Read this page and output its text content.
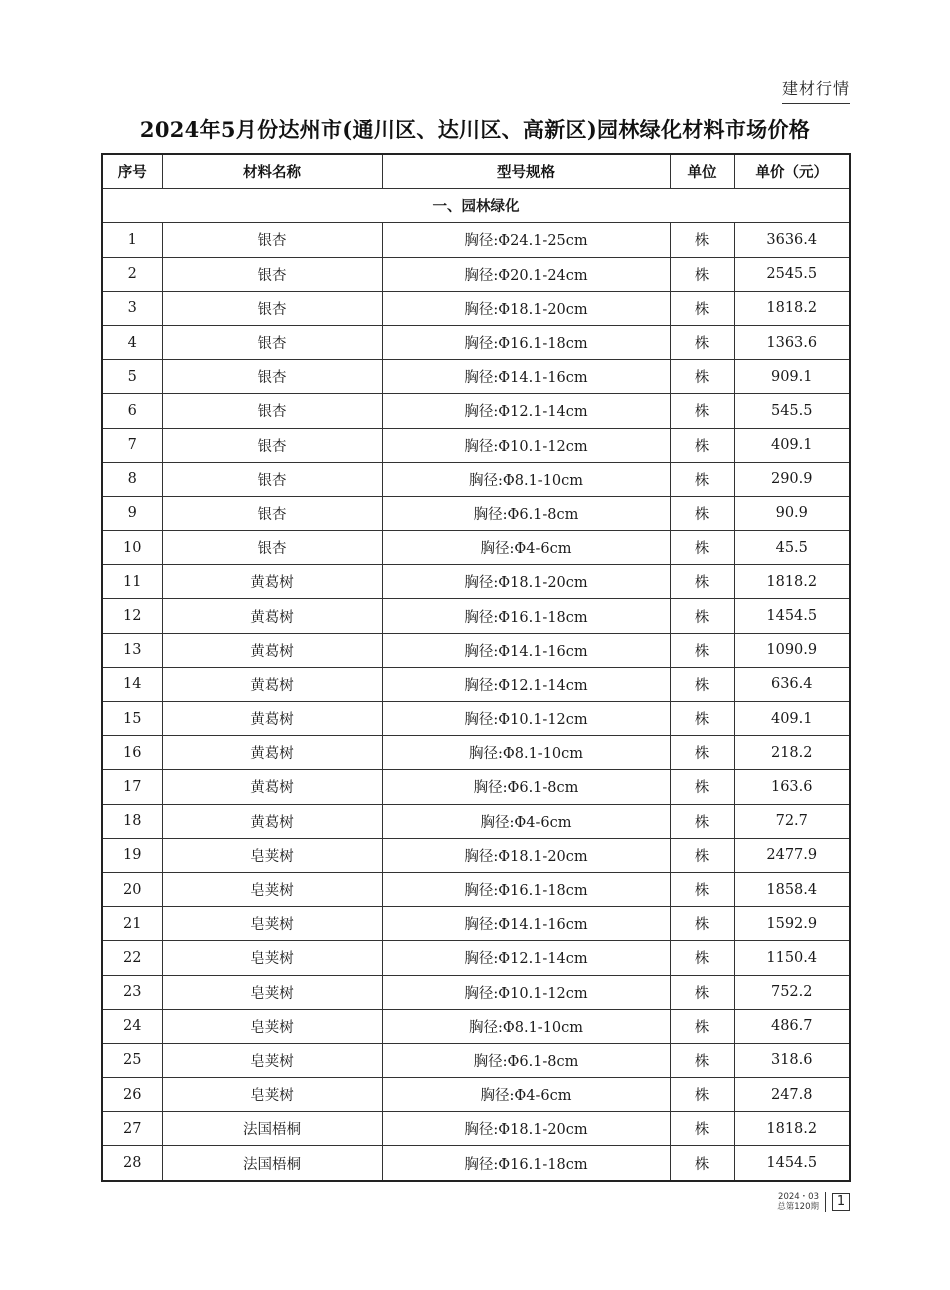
建材行情
2024年5月份达州市(通川区、达川区、高新区)园林绿化材料市场价格
序号	材料名称	型号规格	单位	单价（元）
一、园林绿化				
1	银杏	胸径:Φ24.1-25cm	株	3636.4
2	银杏	胸径:Φ20.1-24cm	株	2545.5
3	银杏	胸径:Φ18.1-20cm	株	1818.2
4	银杏	胸径:Φ16.1-18cm	株	1363.6
5	银杏	胸径:Φ14.1-16cm	株	909.1
6	银杏	胸径:Φ12.1-14cm	株	545.5
7	银杏	胸径:Φ10.1-12cm	株	409.1
8	银杏	胸径:Φ8.1-10cm	株	290.9
9	银杏	胸径:Φ6.1-8cm	株	90.9
10	银杏	胸径:Φ4-6cm	株	45.5
11	黄葛树	胸径:Φ18.1-20cm	株	1818.2
12	黄葛树	胸径:Φ16.1-18cm	株	1454.5
13	黄葛树	胸径:Φ14.1-16cm	株	1090.9
14	黄葛树	胸径:Φ12.1-14cm	株	636.4
15	黄葛树	胸径:Φ10.1-12cm	株	409.1
16	黄葛树	胸径:Φ8.1-10cm	株	218.2
17	黄葛树	胸径:Φ6.1-8cm	株	163.6
18	黄葛树	胸径:Φ4-6cm	株	72.7
19	皂荚树	胸径:Φ18.1-20cm	株	2477.9
20	皂荚树	胸径:Φ16.1-18cm	株	1858.4
21	皂荚树	胸径:Φ14.1-16cm	株	1592.9
22	皂荚树	胸径:Φ12.1-14cm	株	1150.4
23	皂荚树	胸径:Φ10.1-12cm	株	752.2
24	皂荚树	胸径:Φ8.1-10cm	株	486.7
25	皂荚树	胸径:Φ6.1-8cm	株	318.6
26	皂荚树	胸径:Φ4-6cm	株	247.8
27	法国梧桐	胸径:Φ18.1-20cm	株	1818.2
28	法国梧桐	胸径:Φ16.1-18cm	株	1454.5
2024・03
总第120期	1
